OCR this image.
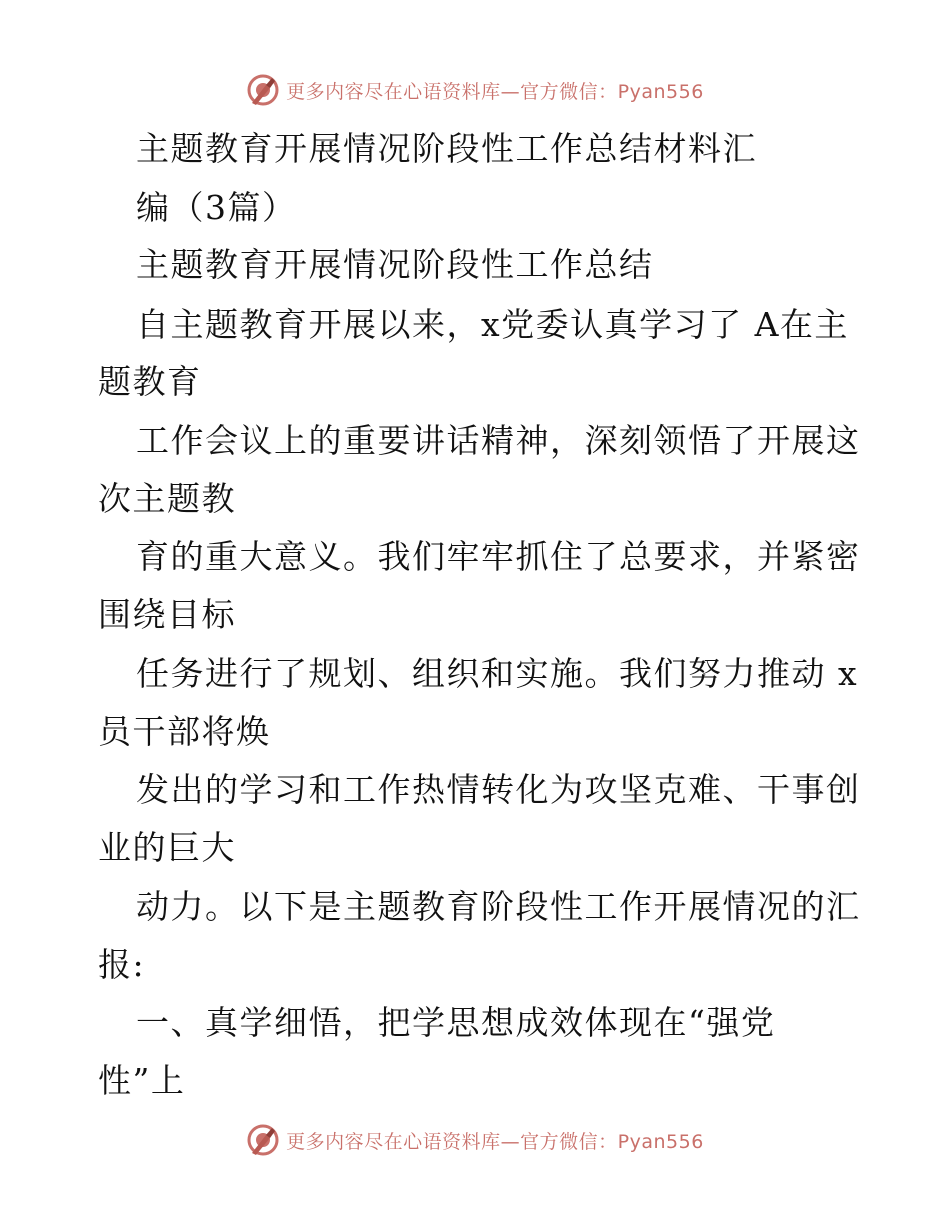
更多内容尽在心语资料库—官方微信：Pyan556
主题教育开展情况阶段性工作总结材料汇
编（3篇）
主题教育开展情况阶段性工作总结
自主题教育开展以来，x党委认真学习了 A在主
题教育
工作会议上的重要讲话精神，深刻领悟了开展这
次主题教
育的重大意义。我们牢牢抓住了总要求，并紧密
围绕目标
任务进行了规划、组织和实施。我们努力推动 x
员干部将焕
发出的学习和工作热情转化为攻坚克难、干事创
业的巨大
动力。以下是主题教育阶段性工作开展情况的汇
报:
一、真学细悟，把学思想成效体现在“强党
性”上
更多内容尽在心语资料库—官方微信：Pyan556
